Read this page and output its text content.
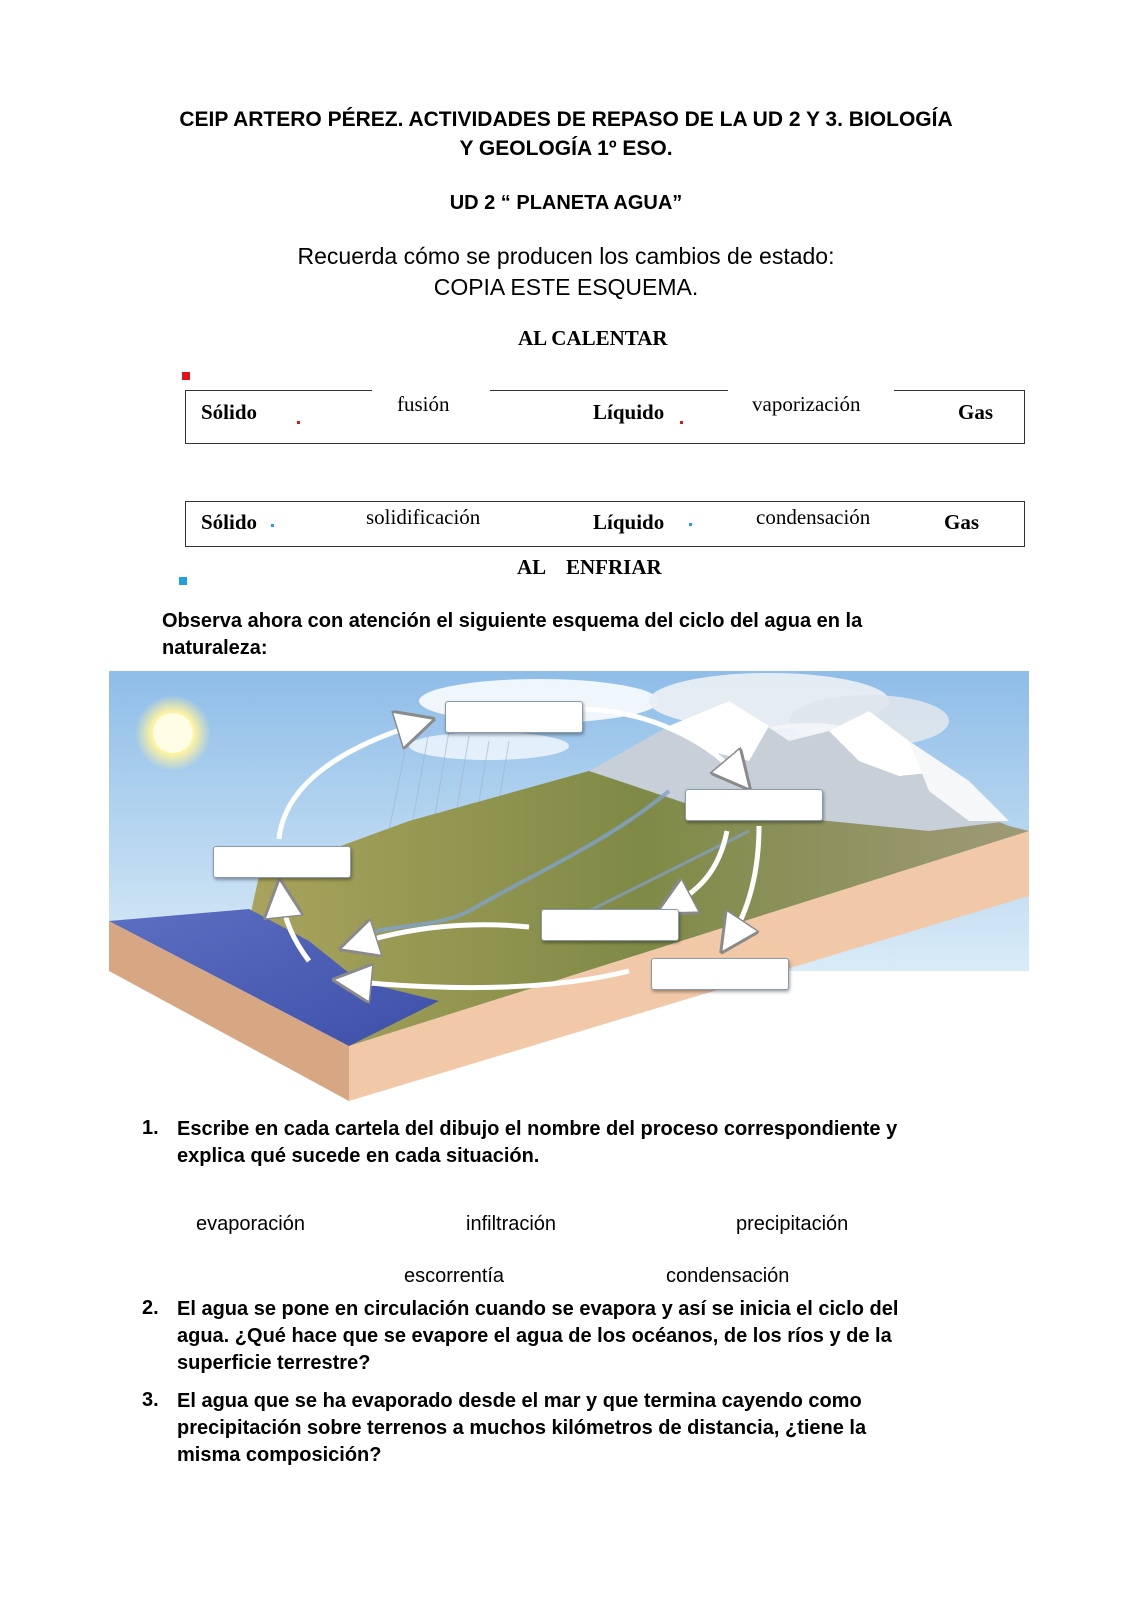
CEIP ARTERO PÉREZ. ACTIVIDADES DE REPASO DE LA UD 2 Y 3. BIOLOGÍA
Y GEOLOGÍA 1º ESO.
UD 2 “ PLANETA AGUA”
Recuerda cómo se producen los cambios de estado:
COPIA ESTE ESQUEMA.
AL CALENTAR
Sólido	fusión	Líquido	vaporización	Gas
Sólido	solidificación	Líquido	condensación	Gas
AL    ENFRIAR
Observa ahora con atención el siguiente esquema del ciclo del agua en la
naturaleza:
1. Escribe en cada cartela del dibujo el nombre del proceso correspondiente y
explica qué sucede en cada situación.
evaporación	infiltración	precipitación
escorrentía	condensación
2. El agua se pone en circulación cuando se evapora y así se inicia el ciclo del
agua. ¿Qué hace que se evapore el agua de los océanos, de los ríos y de la
superficie terrestre?
3. El agua que se ha evaporado desde el mar y que termina cayendo como
precipitación sobre terrenos a muchos kilómetros de distancia, ¿tiene la
misma composición?
